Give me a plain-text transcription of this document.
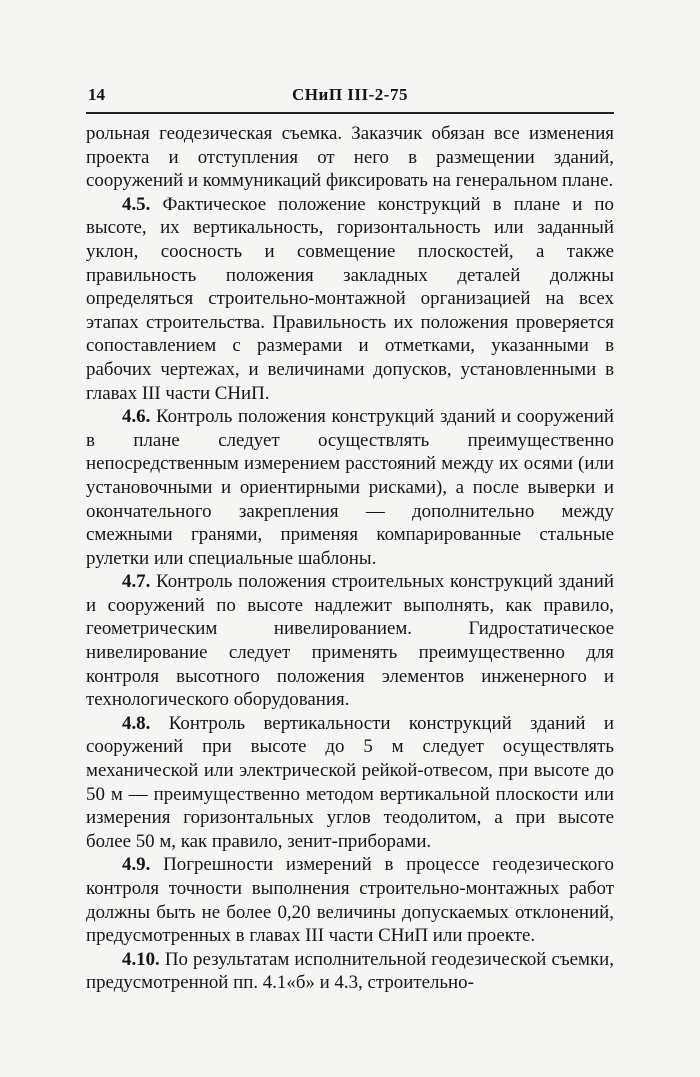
14	СНиП III-2-75

рольная геодезическая съемка. Заказчик обязан все изменения проекта и отступления от него в размещении зданий, сооружений и коммуникаций фиксировать на генеральном плане.

4.5. Фактическое положение конструкций в плане и по высоте, их вертикальность, горизонтальность или заданный уклон, соосность и совмещение плоскостей, а также правильность положения закладных деталей должны определяться строительно-монтажной организацией на всех этапах строительства. Правильность их положения проверяется сопоставлением с размерами и отметками, указанными в рабочих чертежах, и величинами допусков, установленными в главах III части СНиП.

4.6. Контроль положения конструкций зданий и сооружений в плане следует осуществлять преимущественно непосредственным измерением расстояний между их осями (или установочными и ориентирными рисками), а после выверки и окончательного закрепления — дополнительно между смежными гранями, применяя компарированные стальные рулетки или специальные шаблоны.

4.7. Контроль положения строительных конструкций зданий и сооружений по высоте надлежит выполнять, как правило, геометрическим нивелированием. Гидростатическое нивелирование следует применять преимущественно для контроля высотного положения элементов инженерного и технологического оборудования.

4.8. Контроль вертикальности конструкций зданий и сооружений при высоте до 5 м следует осуществлять механической или электрической рейкой-отвесом, при высоте до 50 м — преимущественно методом вертикальной плоскости или измерения горизонтальных углов теодолитом, а при высоте более 50 м, как правило, зенит-приборами.

4.9. Погрешности измерений в процессе геодезического контроля точности выполнения строительно-монтажных работ должны быть не более 0,20 величины допускаемых отклонений, предусмотренных в главах III части СНиП или проекте.

4.10. По результатам исполнительной геодезической съемки, предусмотренной пп. 4.1«б» и 4.3, строительно-
